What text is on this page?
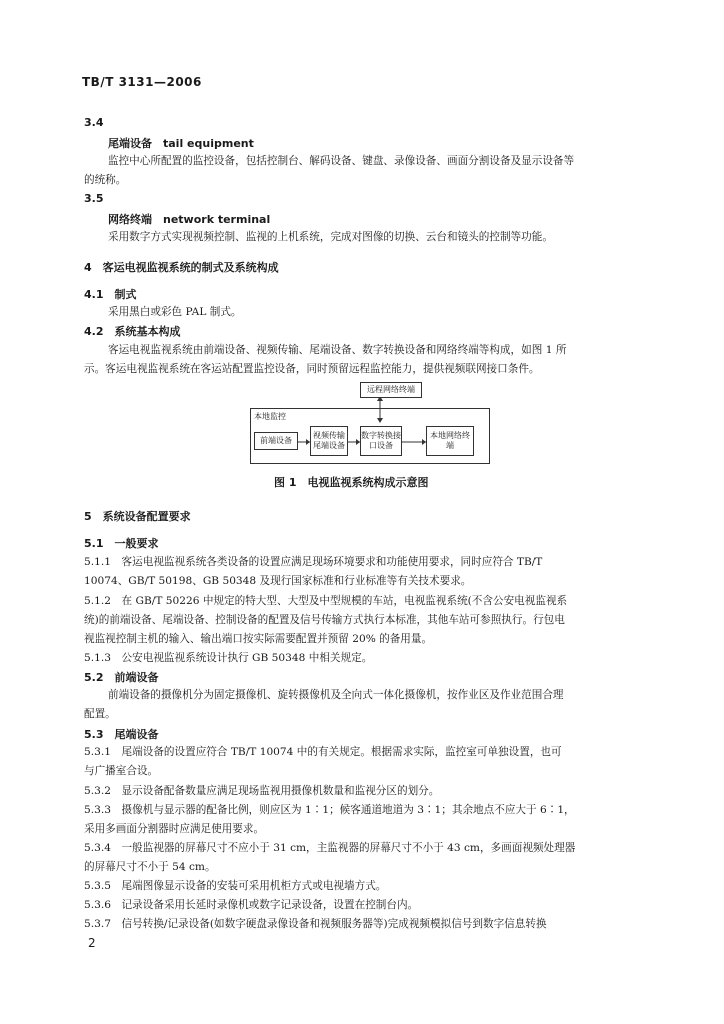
TB/T 3131—2006
3.4
尾端设备　tail equipment
监控中心所配置的监控设备，包括控制台、解码设备、键盘、录像设备、画面分割设备及显示设备等
的统称。
3.5
网络终端　network terminal
采用数字方式实现视频控制、监视的上机系统，完成对图像的切换、云台和镜头的控制等功能。
4　客运电视监视系统的制式及系统构成
4.1　制式
采用黑白或彩色 PAL 制式。
4.2　系统基本构成
客运电视监视系统由前端设备、视频传输、尾端设备、数字转换设备和网络终端等构成，如图 1 所
示。客运电视监视系统在客运站配置监控设备，同时预留远程监控能力，提供视频联网接口条件。
远程网络终端
本地监控
前端设备
视频传输
尾端设备
数字转换接口设备
本地网络终端
图 1　电视监视系统构成示意图
5　系统设备配置要求
5.1　一般要求
5.1.1　客运电视监视系统各类设备的设置应满足现场环境要求和功能使用要求，同时应符合 TB/T
10074、GB/T 50198、GB 50348 及现行国家标准和行业标准等有关技术要求。
5.1.2　在 GB/T 50226 中规定的特大型、大型及中型规模的车站，电视监视系统(不含公安电视监视系
统)的前端设备、尾端设备、控制设备的配置及信号传输方式执行本标准，其他车站可参照执行。行包电
视监视控制主机的输入、输出端口按实际需要配置并预留 20% 的备用量。
5.1.3　公安电视监视系统设计执行 GB 50348 中相关规定。
5.2　前端设备
前端设备的摄像机分为固定摄像机、旋转摄像机及全向式一体化摄像机，按作业区及作业范围合理
配置。
5.3　尾端设备
5.3.1　尾端设备的设置应符合 TB/T 10074 中的有关规定。根据需求实际，监控室可单独设置，也可
与广播室合设。
5.3.2　显示设备配备数量应满足现场监视用摄像机数量和监视分区的划分。
5.3.3　摄像机与显示器的配备比例，则应区为 1∶1；候客通道地道为 3∶1；其余地点不应大于 6∶1，
采用多画面分割器时应满足使用要求。
5.3.4　一般监视器的屏幕尺寸不应小于 31 cm，主监视器的屏幕尺寸不小于 43 cm，多画面视频处理器
的屏幕尺寸不小于 54 cm。
5.3.5　尾端图像显示设备的安装可采用机柜方式或电视墙方式。
5.3.6　记录设备采用长延时录像机或数字记录设备，设置在控制台内。
5.3.7　信号转换/记录设备(如数字硬盘录像设备和视频服务器等)完成视频模拟信号到数字信息转换
2
